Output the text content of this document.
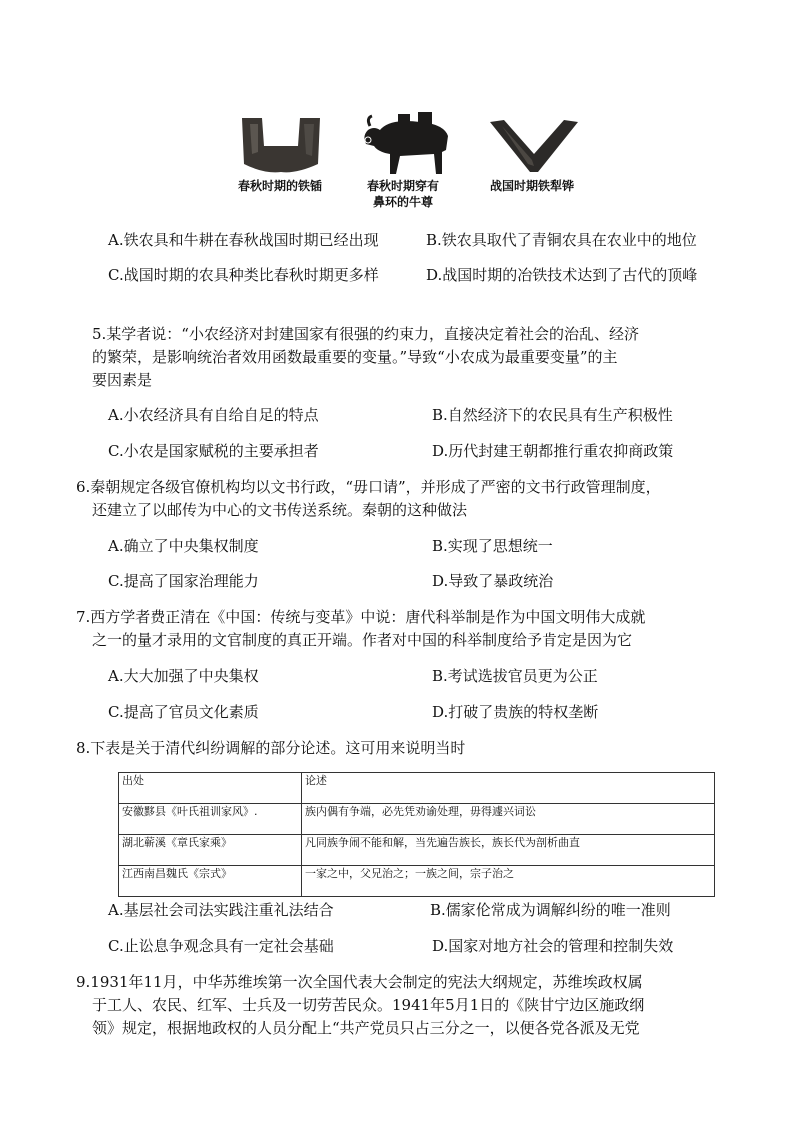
春秋时期的铁锸	春秋时期穿有
鼻环的牛尊
战国时期铁犁铧
A.铁农具和牛耕在春秋战国时期已经出现	B.铁农具取代了青铜农具在农业中的地位
C.战国时期的农具种类比春秋时期更多样	D.战国时期的冶铁技术达到了古代的顶峰
5.某学者说：“小农经济对封建国家有很强的约束力，直接决定着社会的治乱、经济
的繁荣，是影响统治者效用函数最重要的变量。”导致“小农成为最重要变量”的主
要因素是
A.小农经济具有自给自足的特点	B.自然经济下的农民具有生产积极性
C.小农是国家赋税的主要承担者	D.历代封建王朝都推行重农抑商政策
6.秦朝规定各级官僚机构均以文书行政，“毋口请”，并形成了严密的文书行政管理制度，
还建立了以邮传为中心的文书传送系统。秦朝的这种做法
A.确立了中央集权制度	B.实现了思想统一
C.提高了国家治理能力	D.导致了暴政统治
7.西方学者费正清在《中国：传统与变革》中说：唐代科举制是作为中国文明伟大成就
之一的量才录用的文官制度的真正开端。作者对中国的科举制度给予肯定是因为它
A.大大加强了中央集权	B.考试选拔官员更为公正
C.提高了官员文化素质	D.打破了贵族的特权垄断
8.下表是关于清代纠纷调解的部分论述。这可用来说明当时
出处	论述
安徽黟县《叶氏祖训家风》.	族内偶有争端，必先凭劝谕处理，毋得遽兴词讼
湖北蕲溪《章氏家乘》	凡同族争闹不能和解，当先遍告族长，族长代为剖析曲直
江西南昌魏氏《宗式》	一家之中，父兄治之；一族之间，宗子治之
A.基层社会司法实践注重礼法结合	B.儒家伦常成为调解纠纷的唯一准则
C.止讼息争观念具有一定社会基础	D.国家对地方社会的管理和控制失效
9.1931年11月，中华苏维埃第一次全国代表大会制定的宪法大纲规定，苏维埃政权属
于工人、农民、红军、士兵及一切劳苦民众。1941年5月1日的《陕甘宁边区施政纲
领》规定，根据地政权的人员分配上“共产党员只占三分之一，以便各党各派及无党
